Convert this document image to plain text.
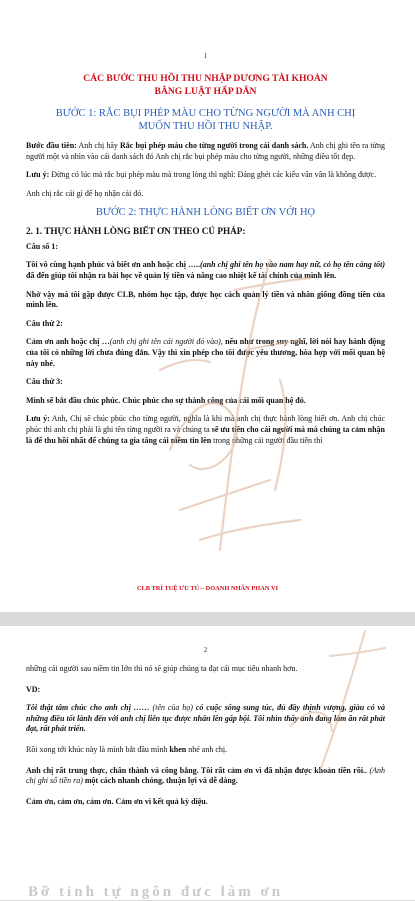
1
CÁC BƯỚC THU HỒI THU NHẬP DƯƠNG TÀI KHOẢN
BẰNG LUẬT HẤP DẪN
BƯỚC 1: RẮC BỤI PHÉP MÀU CHO TỪNG NGƯỜI MÀ ANH CHỊ
MUỐN THU HỒI THU NHẬP.

Bước đầu tiên: Anh chị hãy Rắc bụi phép màu cho từng người trong cái danh sách. Anh chị ghi tên ra từng người một và nhìn vào cái danh sách đó Anh chị rắc bụi phép màu cho từng người, những điều tốt đẹp.

Lưu ý: Đừng có lúc mà rắc bụi phép màu mà trong lòng thì nghĩ: Đáng ghét các kiểu văn vân là không được.

Anh chị rắc cái gì để họ nhận cái đó.

BƯỚC 2: THỰC HÀNH LÒNG BIẾT ƠN VỚI HỌ
2. 1. THỰC HÀNH LÒNG BIẾT ƠN THEO CÚ PHÁP:

Câu số 1:

Tôi vô cùng hạnh phúc và biết ơn anh hoặc chị …..(anh chị ghi tên họ vào nam hay nữ, có họ tên càng tốt) đã đến giúp tôi nhận ra bài học về quản lý tiền và nâng cao nhiệt kế tài chính của mình lên.

Nhờ vậy mà tôi gặp được CLB, nhóm học tập, được học cách quản lý tiền và nhân giống đồng tiền của mình lên.

Câu thứ 2:

Cảm ơn anh hoặc chị …(anh chị ghi tên cái người đó vào), nếu như trong suy nghĩ, lời nói hay hành động của tôi có những lời chưa đúng đắn. Vậy thì xin phép cho tôi được yêu thương, hòa hợp với mối quan hệ này nhé.

Câu thứ 3:

Mình sẽ bắt đầu chúc phúc. Chúc phúc cho sự thành công của cái mối quan hệ đó.

Lưu ý: Anh, Chị sẽ chúc phúc cho từng người, nghĩa là khi mà anh chị thực hành lòng biết ơn. Anh chị chúc phúc thì anh chị phải là ghi tên từng người ra và chúng ta sẽ ưu tiên cho cái người mà mà chúng ta cảm nhận là để thu hồi nhất để chúng ta gia tăng cái niềm tin lên trong những cái người đầu tiên thì

CLB TRÍ TUỆ ƯU TÚ – DOANH NHÂN PHAN VI
2

những cái người sau niềm tin lớn thì nó sẽ giúp chúng ta đạt cái mục tiêu nhanh hơn.

VD:

Tôi thật tâm chúc cho anh chị …… (tên của họ) có cuộc sống sung túc, đủ đầy thịnh vượng, giàu có và những điều tốt lành đến với anh chị liên tục được nhân lên gấp bội. Tôi nhìn thấy anh đang làm ăn rất phát đạt, rất phát triển.

Rồi xong tới khúc này là mình bắt đầu mình khen nhé anh chị.

Anh chị rất trung thực, chân thành và công bằng. Tôi rất cảm ơn vì đã nhận được khoản tiền rồi.. (Anh chị ghi số tiền ra) một cách nhanh chóng, thuận lợi và dễ dàng.

Cảm ơn, cảm ơn, cảm ơn. Cảm ơn vì kết quả kỳ diệu.

Bỡ tỉnh tự ngôn đưc làm ơn
